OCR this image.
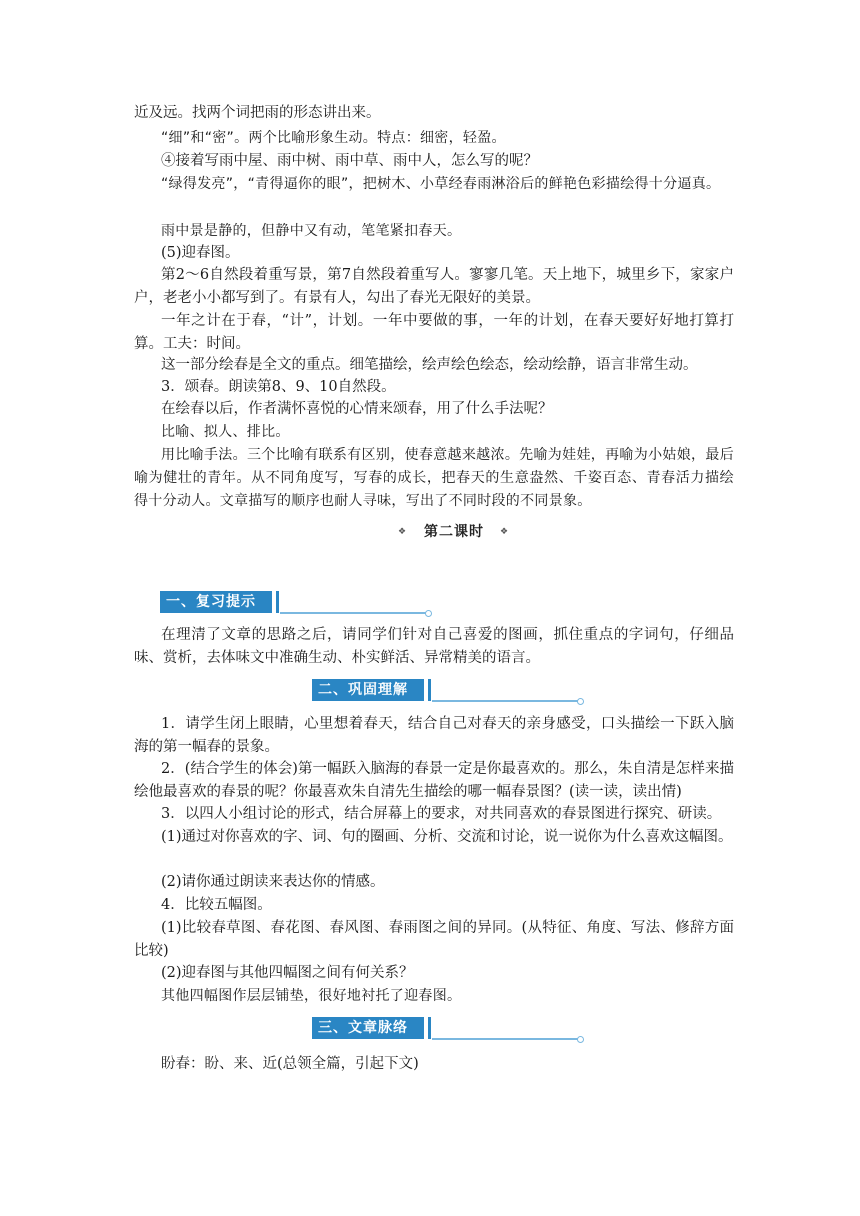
近及远。找两个词把雨的形态讲出来。

“细”和“密”。两个比喻形象生动。特点：细密，轻盈。

④接着写雨中屋、雨中树、雨中草、雨中人，怎么写的呢？

“绿得发亮”，“青得逼你的眼”，把树木、小草经春雨淋浴后的鲜艳色彩描绘得十分逼真。

雨中景是静的，但静中又有动，笔笔紧扣春天。

(5)迎春图。

第2～6自然段着重写景，第7自然段着重写人。寥寥几笔。天上地下，城里乡下，家家户户，老老小小都写到了。有景有人，勾出了春光无限好的美景。

一年之计在于春，“计”，计划。一年中要做的事，一年的计划，在春天要好好地打算打算。工夫：时间。

这一部分绘春是全文的重点。细笔描绘，绘声绘色绘态，绘动绘静，语言非常生动。

3．颂春。朗读第8、9、10自然段。

在绘春以后，作者满怀喜悦的心情来颂春，用了什么手法呢？

比喻、拟人、排比。

用比喻手法。三个比喻有联系有区别，使春意越来越浓。先喻为娃娃，再喻为小姑娘，最后喻为健壮的青年。从不同角度写，写春的成长，把春天的生意盎然、千姿百态、青春活力描绘得十分动人。文章描写的顺序也耐人寻味，写出了不同时段的不同景象。

❖	第二课时	❖
一、复习提示

在理清了文章的思路之后，请同学们针对自己喜爱的图画，抓住重点的字词句，仔细品味、赏析，去体味文中准确生动、朴实鲜活、异常精美的语言。

二、巩固理解

1．请学生闭上眼睛，心里想着春天，结合自己对春天的亲身感受，口头描绘一下跃入脑海的第一幅春的景象。

2．(结合学生的体会)第一幅跃入脑海的春景一定是你最喜欢的。那么，朱自清是怎样来描绘他最喜欢的春景的呢？你最喜欢朱自清先生描绘的哪一幅春景图？(读一读，读出情)

3．以四人小组讨论的形式，结合屏幕上的要求，对共同喜欢的春景图进行探究、研读。

(1)通过对你喜欢的字、词、句的圈画、分析、交流和讨论，说一说你为什么喜欢这幅图。

(2)请你通过朗读来表达你的情感。

4．比较五幅图。

(1)比较春草图、春花图、春风图、春雨图之间的异同。(从特征、角度、写法、修辞方面比较)

(2)迎春图与其他四幅图之间有何关系？

其他四幅图作层层铺垫，很好地衬托了迎春图。

三、文章脉络

盼春：盼、来、近(总领全篇，引起下文)
